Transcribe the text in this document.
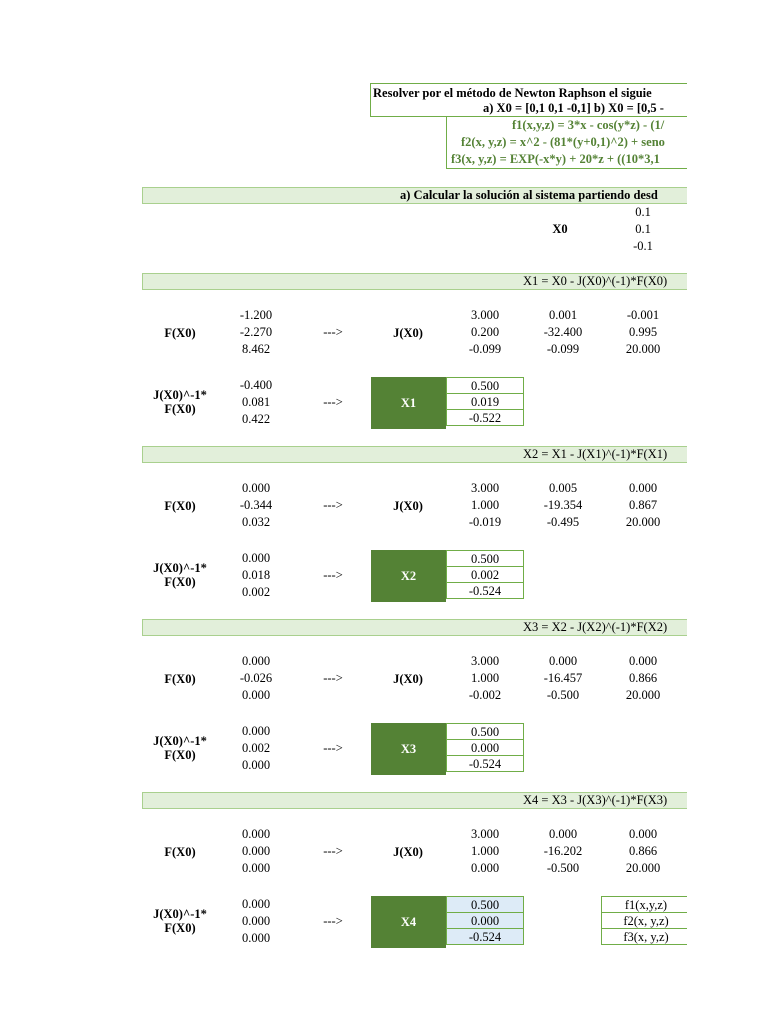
Resolver por el método de Newton Raphson el siguie
a) X0 = [0,1 0,1 -0,1] b) X0 = [0,5 -
f1(x,y,z) = 3*x - cos(y*z) - (1/
f2(x, y,z) = x^2 - (81*(y+0,1)^2) + seno
f3(x, y,z) = EXP(-x*y) + 20*z + ((10*3,1
a) Calcular la solución al sistema partiendo desd
X0
0.1
0.1
-0.1
X1 = X0 - J(X0)^(-1)*F(X0)
F(X0)
-1.200
-2.270
8.462
--->	J(X0)
3.000	0.001	-0.001
0.200	-32.400	0.995
-0.099	-0.099	20.000
J(X0)^-1*
F(X0)
-0.400
0.081
0.422
--->	X1
0.500
0.019
-0.522
X2 = X1 - J(X1)^(-1)*F(X1)
F(X0)
0.000
-0.344
0.032
--->	J(X0)
3.000	0.005	0.000
1.000	-19.354	0.867
-0.019	-0.495	20.000
J(X0)^-1*
F(X0)
0.000
0.018
0.002
--->	X2
0.500
0.002
-0.524
X3 = X2 - J(X2)^(-1)*F(X2)
F(X0)
0.000
-0.026
0.000
--->	J(X0)
3.000	0.000	0.000
1.000	-16.457	0.866
-0.002	-0.500	20.000
J(X0)^-1*
F(X0)
0.000
0.002
0.000
--->	X3
0.500
0.000
-0.524
X4 = X3 - J(X3)^(-1)*F(X3)
F(X0)
0.000
0.000
0.000
--->	J(X0)
3.000	0.000	0.000
1.000	-16.202	0.866
0.000	-0.500	20.000
J(X0)^-1*
F(X0)
0.000
0.000
0.000
--->	X4
0.500
0.000
-0.524
f1(x,y,z)
f2(x, y,z)
f3(x, y,z)
